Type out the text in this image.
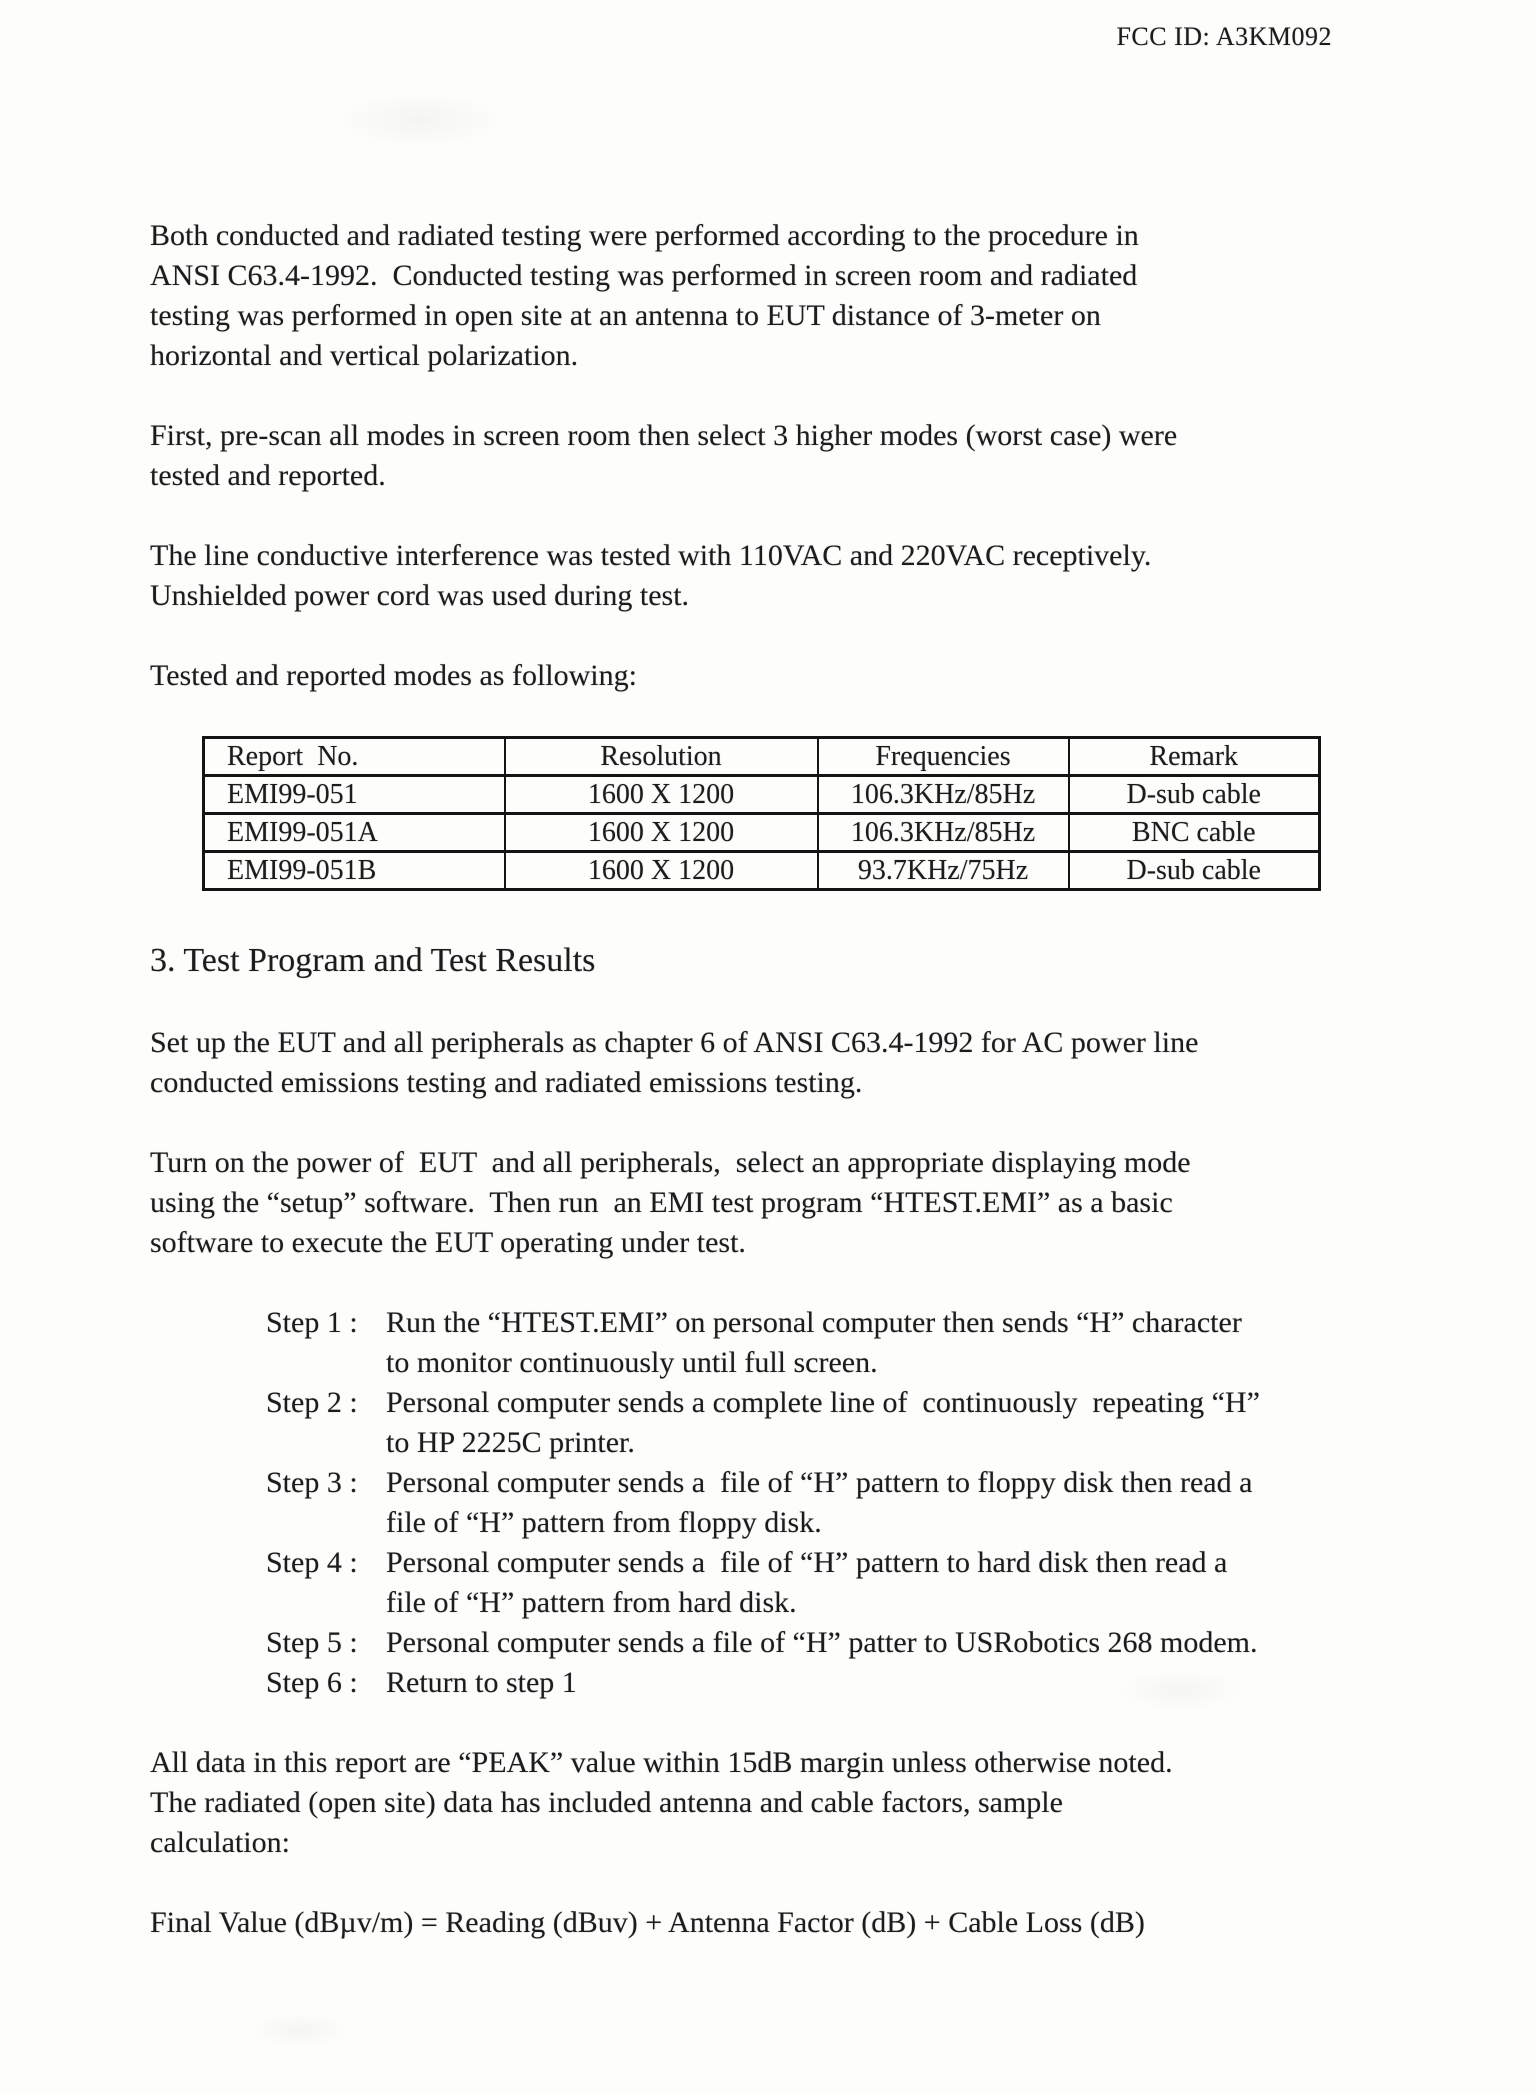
FCC ID: A3KM092
Both conducted and radiated testing were performed according to the procedure in
ANSI C63.4-1992.  Conducted testing was performed in screen room and radiated
testing was performed in open site at an antenna to EUT distance of 3-meter on
horizontal and vertical polarization.
First, pre-scan all modes in screen room then select 3 higher modes (worst case) were
tested and reported.
The line conductive interference was tested with 110VAC and 220VAC receptively.
Unshielded power cord was used during test.
Tested and reported modes as following:
Report  No.	Resolution	Frequencies	Remark
EMI99-051	1600 X 1200	106.3KHz/85Hz	D-sub cable
EMI99-051A	1600 X 1200	106.3KHz/85Hz	BNC cable
EMI99-051B	1600 X 1200	93.7KHz/75Hz	D-sub cable
3. Test Program and Test Results
Set up the EUT and all peripherals as chapter 6 of ANSI C63.4-1992 for AC power line
conducted emissions testing and radiated emissions testing.
Turn on the power of  EUT  and all peripherals,  select an appropriate displaying mode
using the “setup” software.  Then run  an EMI test program “HTEST.EMI” as a basic
software to execute the EUT operating under test.
Step 1 : Run the “HTEST.EMI” on personal computer then sends “H” character
to monitor continuously until full screen.
Step 2 : Personal computer sends a complete line of  continuously  repeating “H”
to HP 2225C printer.
Step 3 : Personal computer sends a  file of “H” pattern to floppy disk then read a
file of “H” pattern from floppy disk.
Step 4 : Personal computer sends a  file of “H” pattern to hard disk then read a
file of “H” pattern from hard disk.
Step 5 : Personal computer sends a file of “H” patter to USRobotics 268 modem.
Step 6 : Return to step 1
All data in this report are “PEAK” value within 15dB margin unless otherwise noted.
The radiated (open site) data has included antenna and cable factors, sample
calculation:
Final Value (dBµv/m) = Reading (dBuv) + Antenna Factor (dB) + Cable Loss (dB)
